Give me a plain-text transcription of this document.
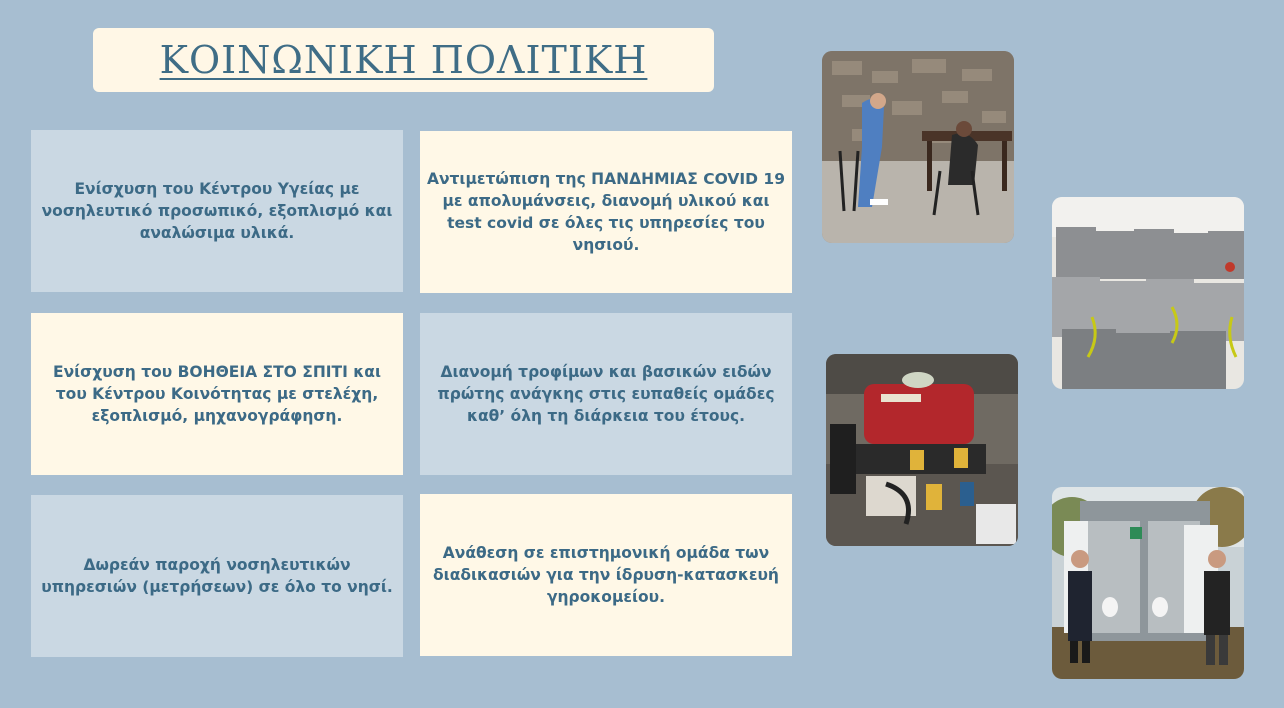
ΚΟΙΝΩΝΙΚΗ ΠΟΛΙΤΙΚΗ
Ενίσχυση του Κέντρου Υγείας με νοσηλευτικό προσωπικό, εξοπλισμό και αναλώσιμα υλικά.
Αντιμετώπιση της ΠΑΝΔΗΜΙΑΣ COVID 19 με απολυμάνσεις, διανομή υλικού και test covid σε όλες τις υπηρεσίες του νησιού.
Ενίσχυση του ΒΟΗΘΕΙΑ ΣΤΟ ΣΠΙΤΙ και του Κέντρου Κοινότητας με στελέχη, εξοπλισμό, μηχανογράφηση.
Διανομή τροφίμων και βασικών ειδών πρώτης ανάγκης στις ευπαθείς ομάδες καθ’ όλη τη διάρκεια του έτους.
Δωρεάν παροχή νοσηλευτικών υπηρεσιών (μετρήσεων) σε όλο το νησί.
Ανάθεση σε επιστημονική ομάδα των διαδικασιών για την ίδρυση-κατασκευή γηροκομείου.
